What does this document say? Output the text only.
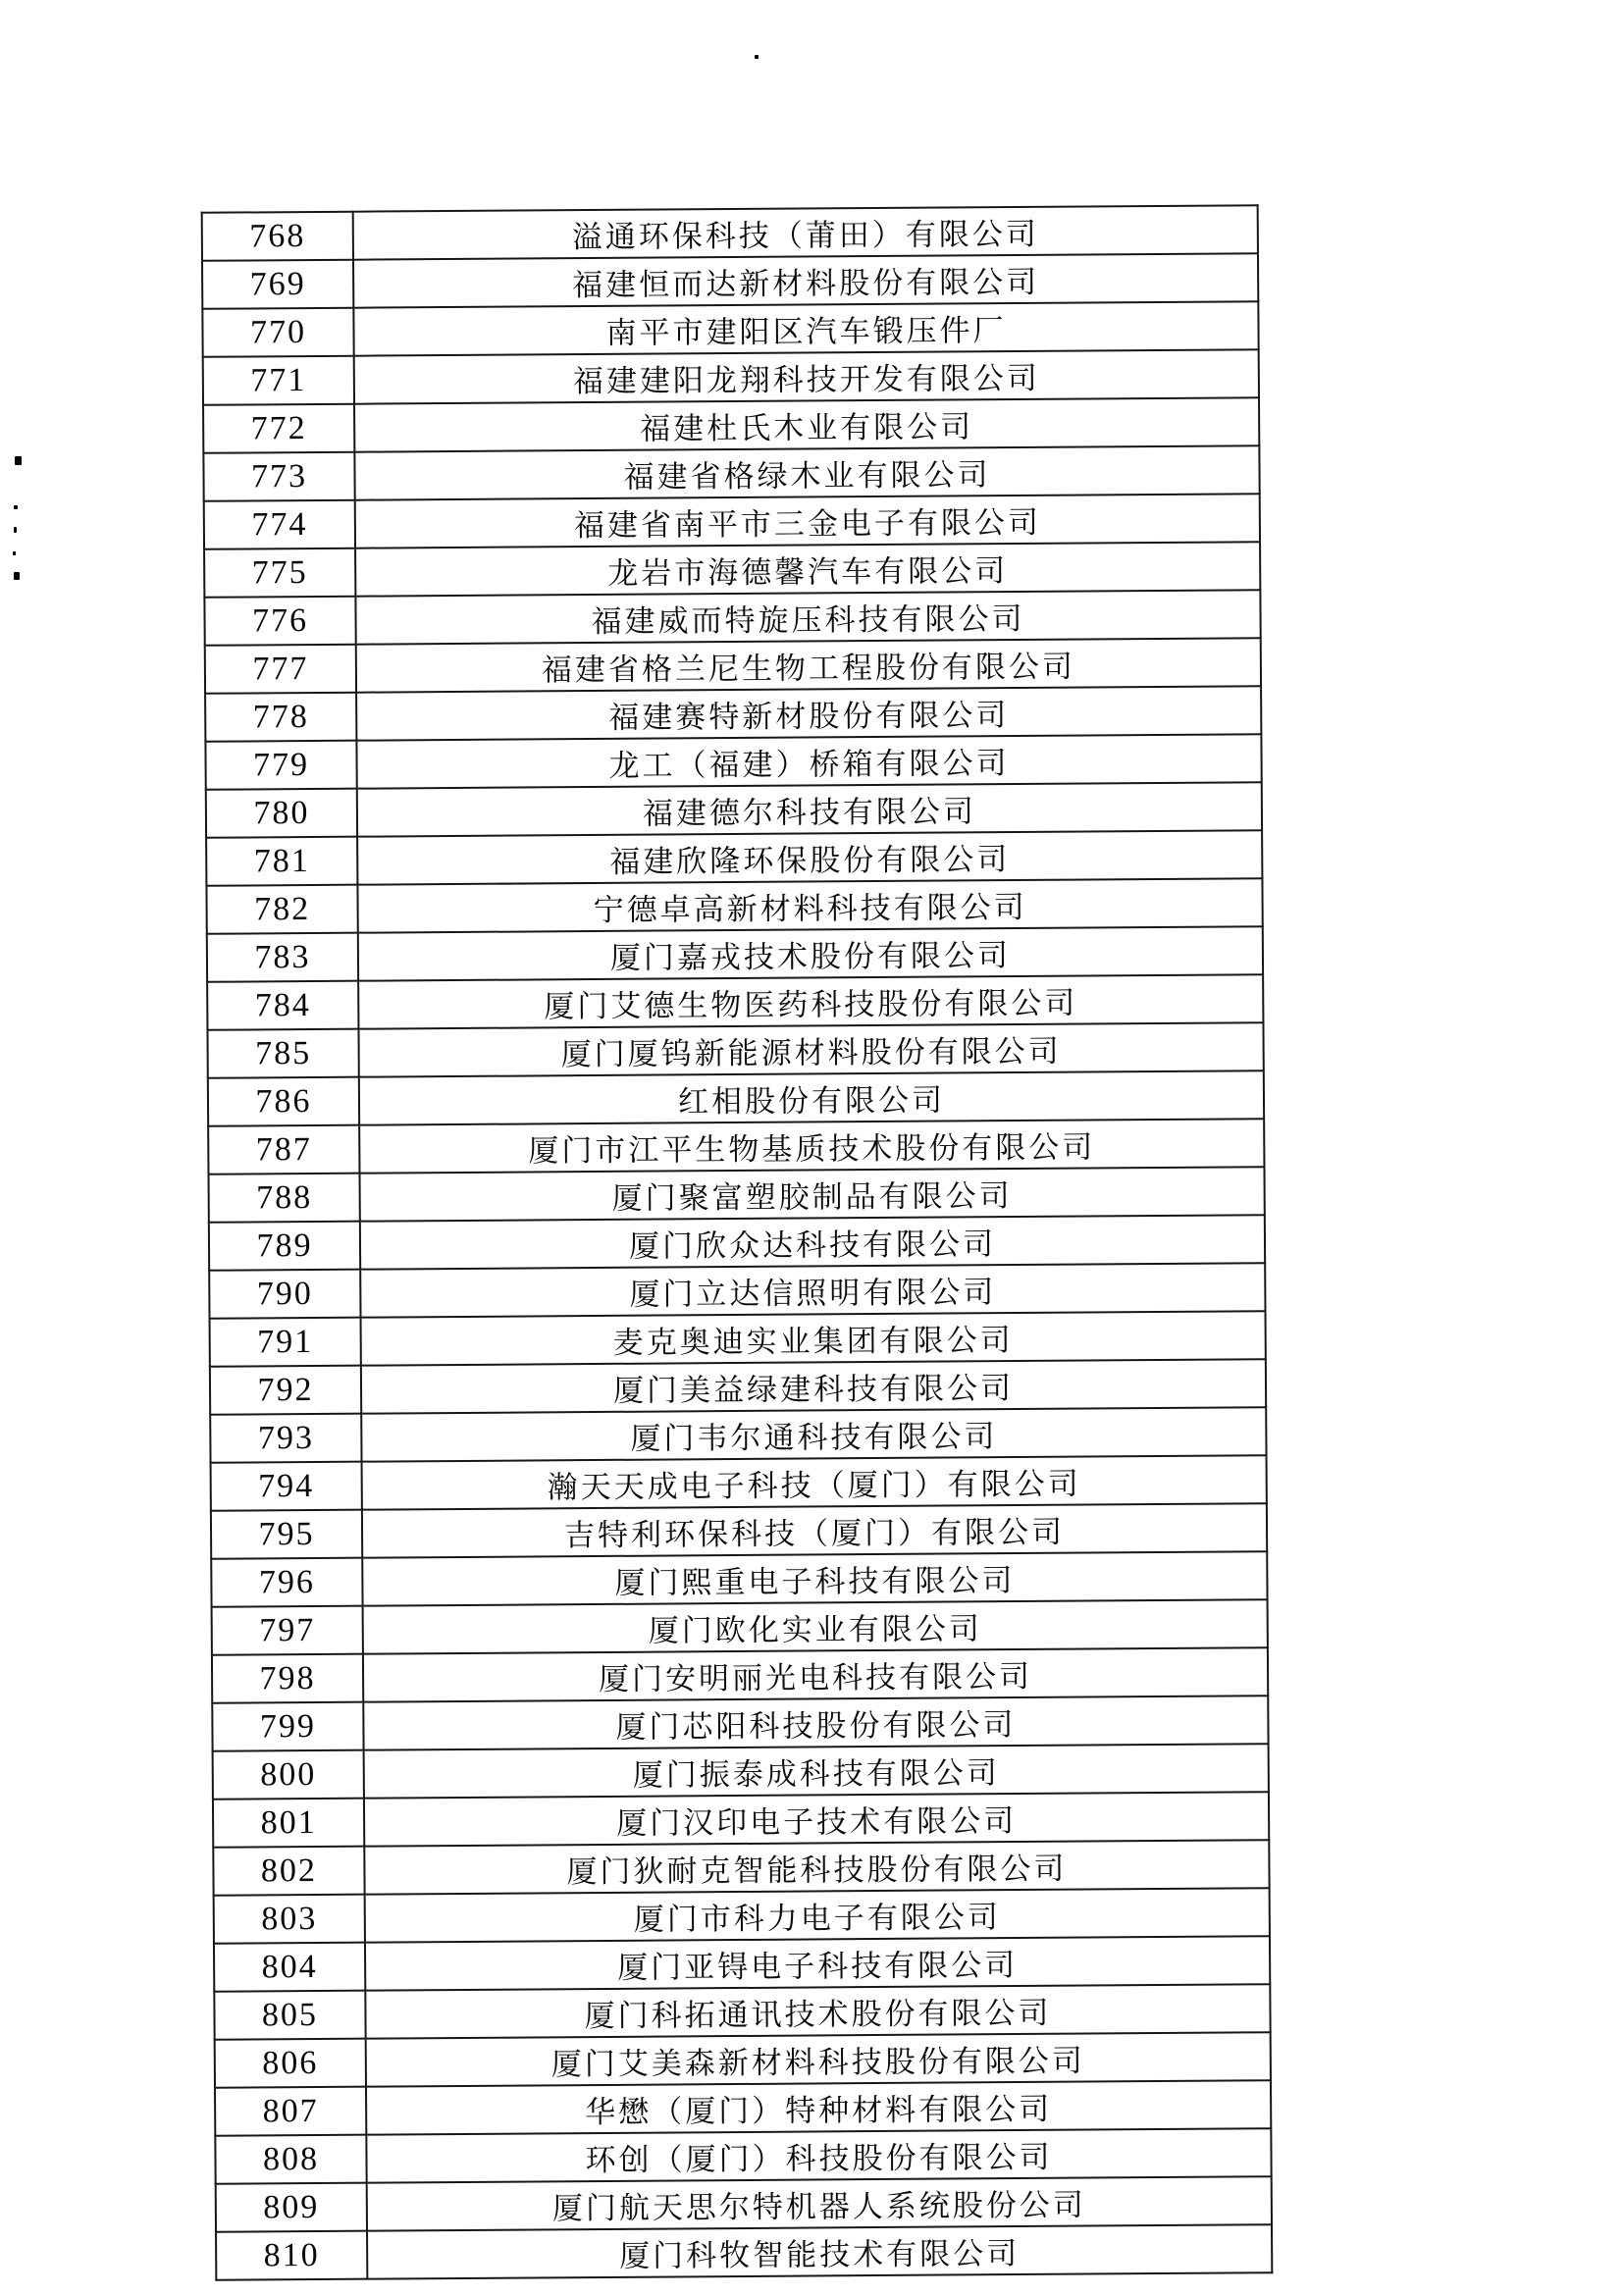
768	溢通环保科技（莆田）有限公司
769	福建恒而达新材料股份有限公司
770	南平市建阳区汽车锻压件厂
771	福建建阳龙翔科技开发有限公司
772	福建杜氏木业有限公司
773	福建省格绿木业有限公司
774	福建省南平市三金电子有限公司
775	龙岩市海德馨汽车有限公司
776	福建威而特旋压科技有限公司
777	福建省格兰尼生物工程股份有限公司
778	福建赛特新材股份有限公司
779	龙工（福建）桥箱有限公司
780	福建德尔科技有限公司
781	福建欣隆环保股份有限公司
782	宁德卓高新材料科技有限公司
783	厦门嘉戎技术股份有限公司
784	厦门艾德生物医药科技股份有限公司
785	厦门厦钨新能源材料股份有限公司
786	红相股份有限公司
787	厦门市江平生物基质技术股份有限公司
788	厦门聚富塑胶制品有限公司
789	厦门欣众达科技有限公司
790	厦门立达信照明有限公司
791	麦克奥迪实业集团有限公司
792	厦门美益绿建科技有限公司
793	厦门韦尔通科技有限公司
794	瀚天天成电子科技（厦门）有限公司
795	吉特利环保科技（厦门）有限公司
796	厦门熙重电子科技有限公司
797	厦门欧化实业有限公司
798	厦门安明丽光电科技有限公司
799	厦门芯阳科技股份有限公司
800	厦门振泰成科技有限公司
801	厦门汉印电子技术有限公司
802	厦门狄耐克智能科技股份有限公司
803	厦门市科力电子有限公司
804	厦门亚锝电子科技有限公司
805	厦门科拓通讯技术股份有限公司
806	厦门艾美森新材料科技股份有限公司
807	华懋（厦门）特种材料有限公司
808	环创（厦门）科技股份有限公司
809	厦门航天思尔特机器人系统股份公司
810	厦门科牧智能技术有限公司
